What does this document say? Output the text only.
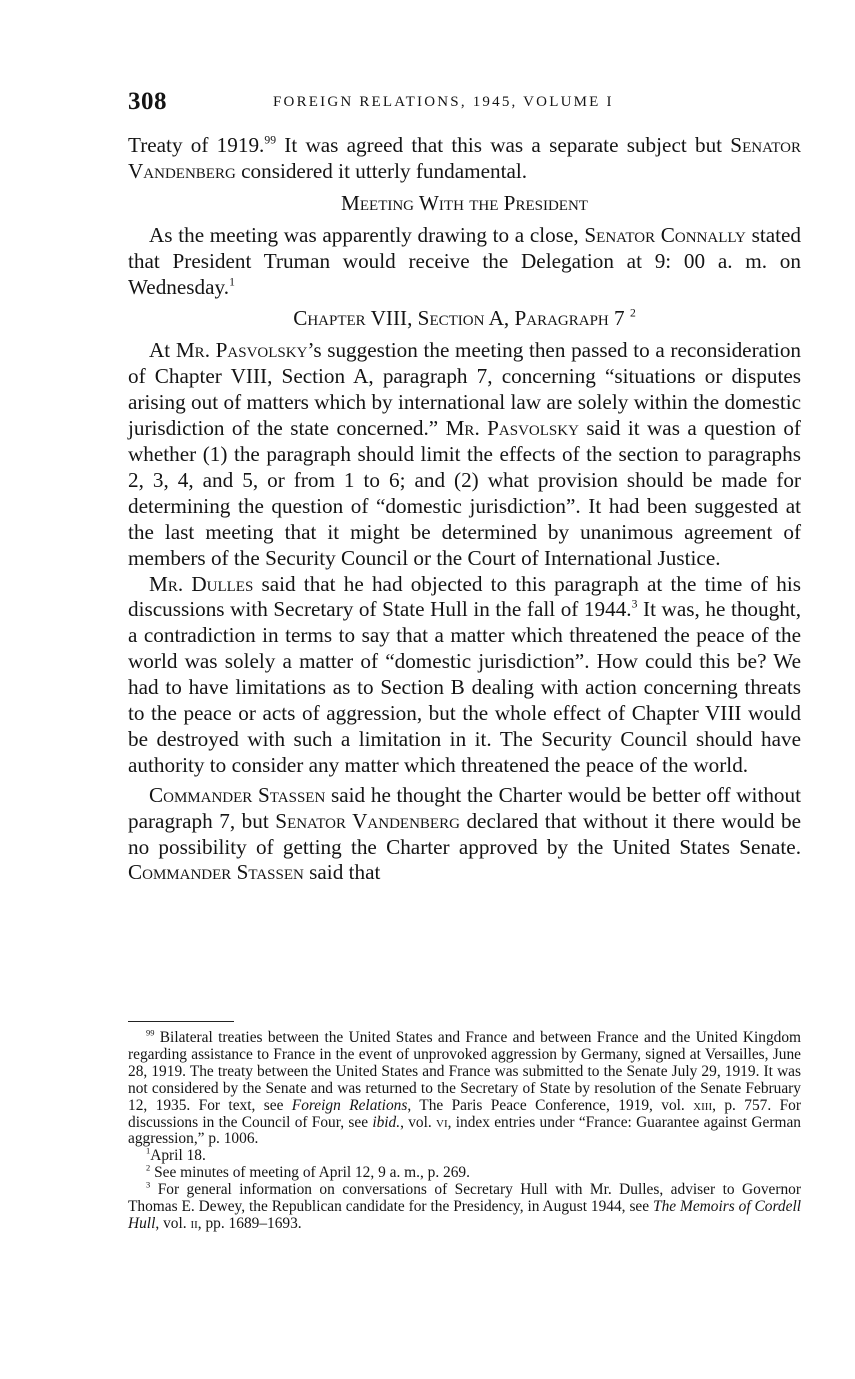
308	FOREIGN RELATIONS, 1945, VOLUME I

Treaty of 1919.99 It was agreed that this was a separate subject but Senator Vandenberg considered it utterly fundamental.

Meeting With the President

As the meeting was apparently drawing to a close, Senator Connally stated that President Truman would receive the Delegation at 9: 00 a. m. on Wednesday.$^1$

Chapter VIII, Section A, Paragraph 7 $^2$

At Mr. Pasvolsky’s suggestion the meeting then passed to a reconsideration of Chapter VIII, Section A, paragraph 7, concerning “situations or disputes arising out of matters which by international law are solely within the domestic jurisdiction of the state concerned.” Mr. Pasvolsky said it was a question of whether (1) the paragraph should limit the effects of the section to paragraphs 2, 3, 4, and 5, or from 1 to 6; and (2) what provision should be made for determining the question of “domestic jurisdiction”. It had been suggested at the last meeting that it might be determined by unanimous agreement of members of the Security Council or the Court of International Justice.

Mr. Dulles said that he had objected to this paragraph at the time of his discussions with Secretary of State Hull in the fall of 1944.$^3$ It was, he thought, a contradiction in terms to say that a matter which threatened the peace of the world was solely a matter of “domestic jurisdiction”. How could this be? We had to have limitations as to Section B dealing with action concerning threats to the peace or acts of aggression, but the whole effect of Chapter VIII would be destroyed with such a limitation in it. The Security Council should have authority to consider any matter which threatened the peace of the world.

Commander Stassen said he thought the Charter would be better off without paragraph 7, but Senator Vandenberg declared that without it there would be no possibility of getting the Charter approved by the United States Senate. Commander Stassen said that

$^{99}$ Bilateral treaties between the United States and France and between France and the United Kingdom regarding assistance to France in the event of unprovoked aggression by Germany, signed at Versailles, June 28, 1919. The treaty between the United States and France was submitted to the Senate July 29, 1919. It was not considered by the Senate and was returned to the Secretary of State by resolution of the Senate February 12, 1935. For text, see Foreign Relations, The Paris Peace Conference, 1919, vol. xiii, p. 757. For discussions in the Council of Four, see ibid., vol. vi, index entries under “France: Guarantee against German aggression,” p. 1006.

$^1$April 18.

$^2$ See minutes of meeting of April 12, 9 a. m., p. 269.

$^3$ For general information on conversations of Secretary Hull with Mr. Dulles, adviser to Governor Thomas E. Dewey, the Republican candidate for the Presidency, in August 1944, see The Memoirs of Cordell Hull, vol. ii, pp. 1689–1693.
